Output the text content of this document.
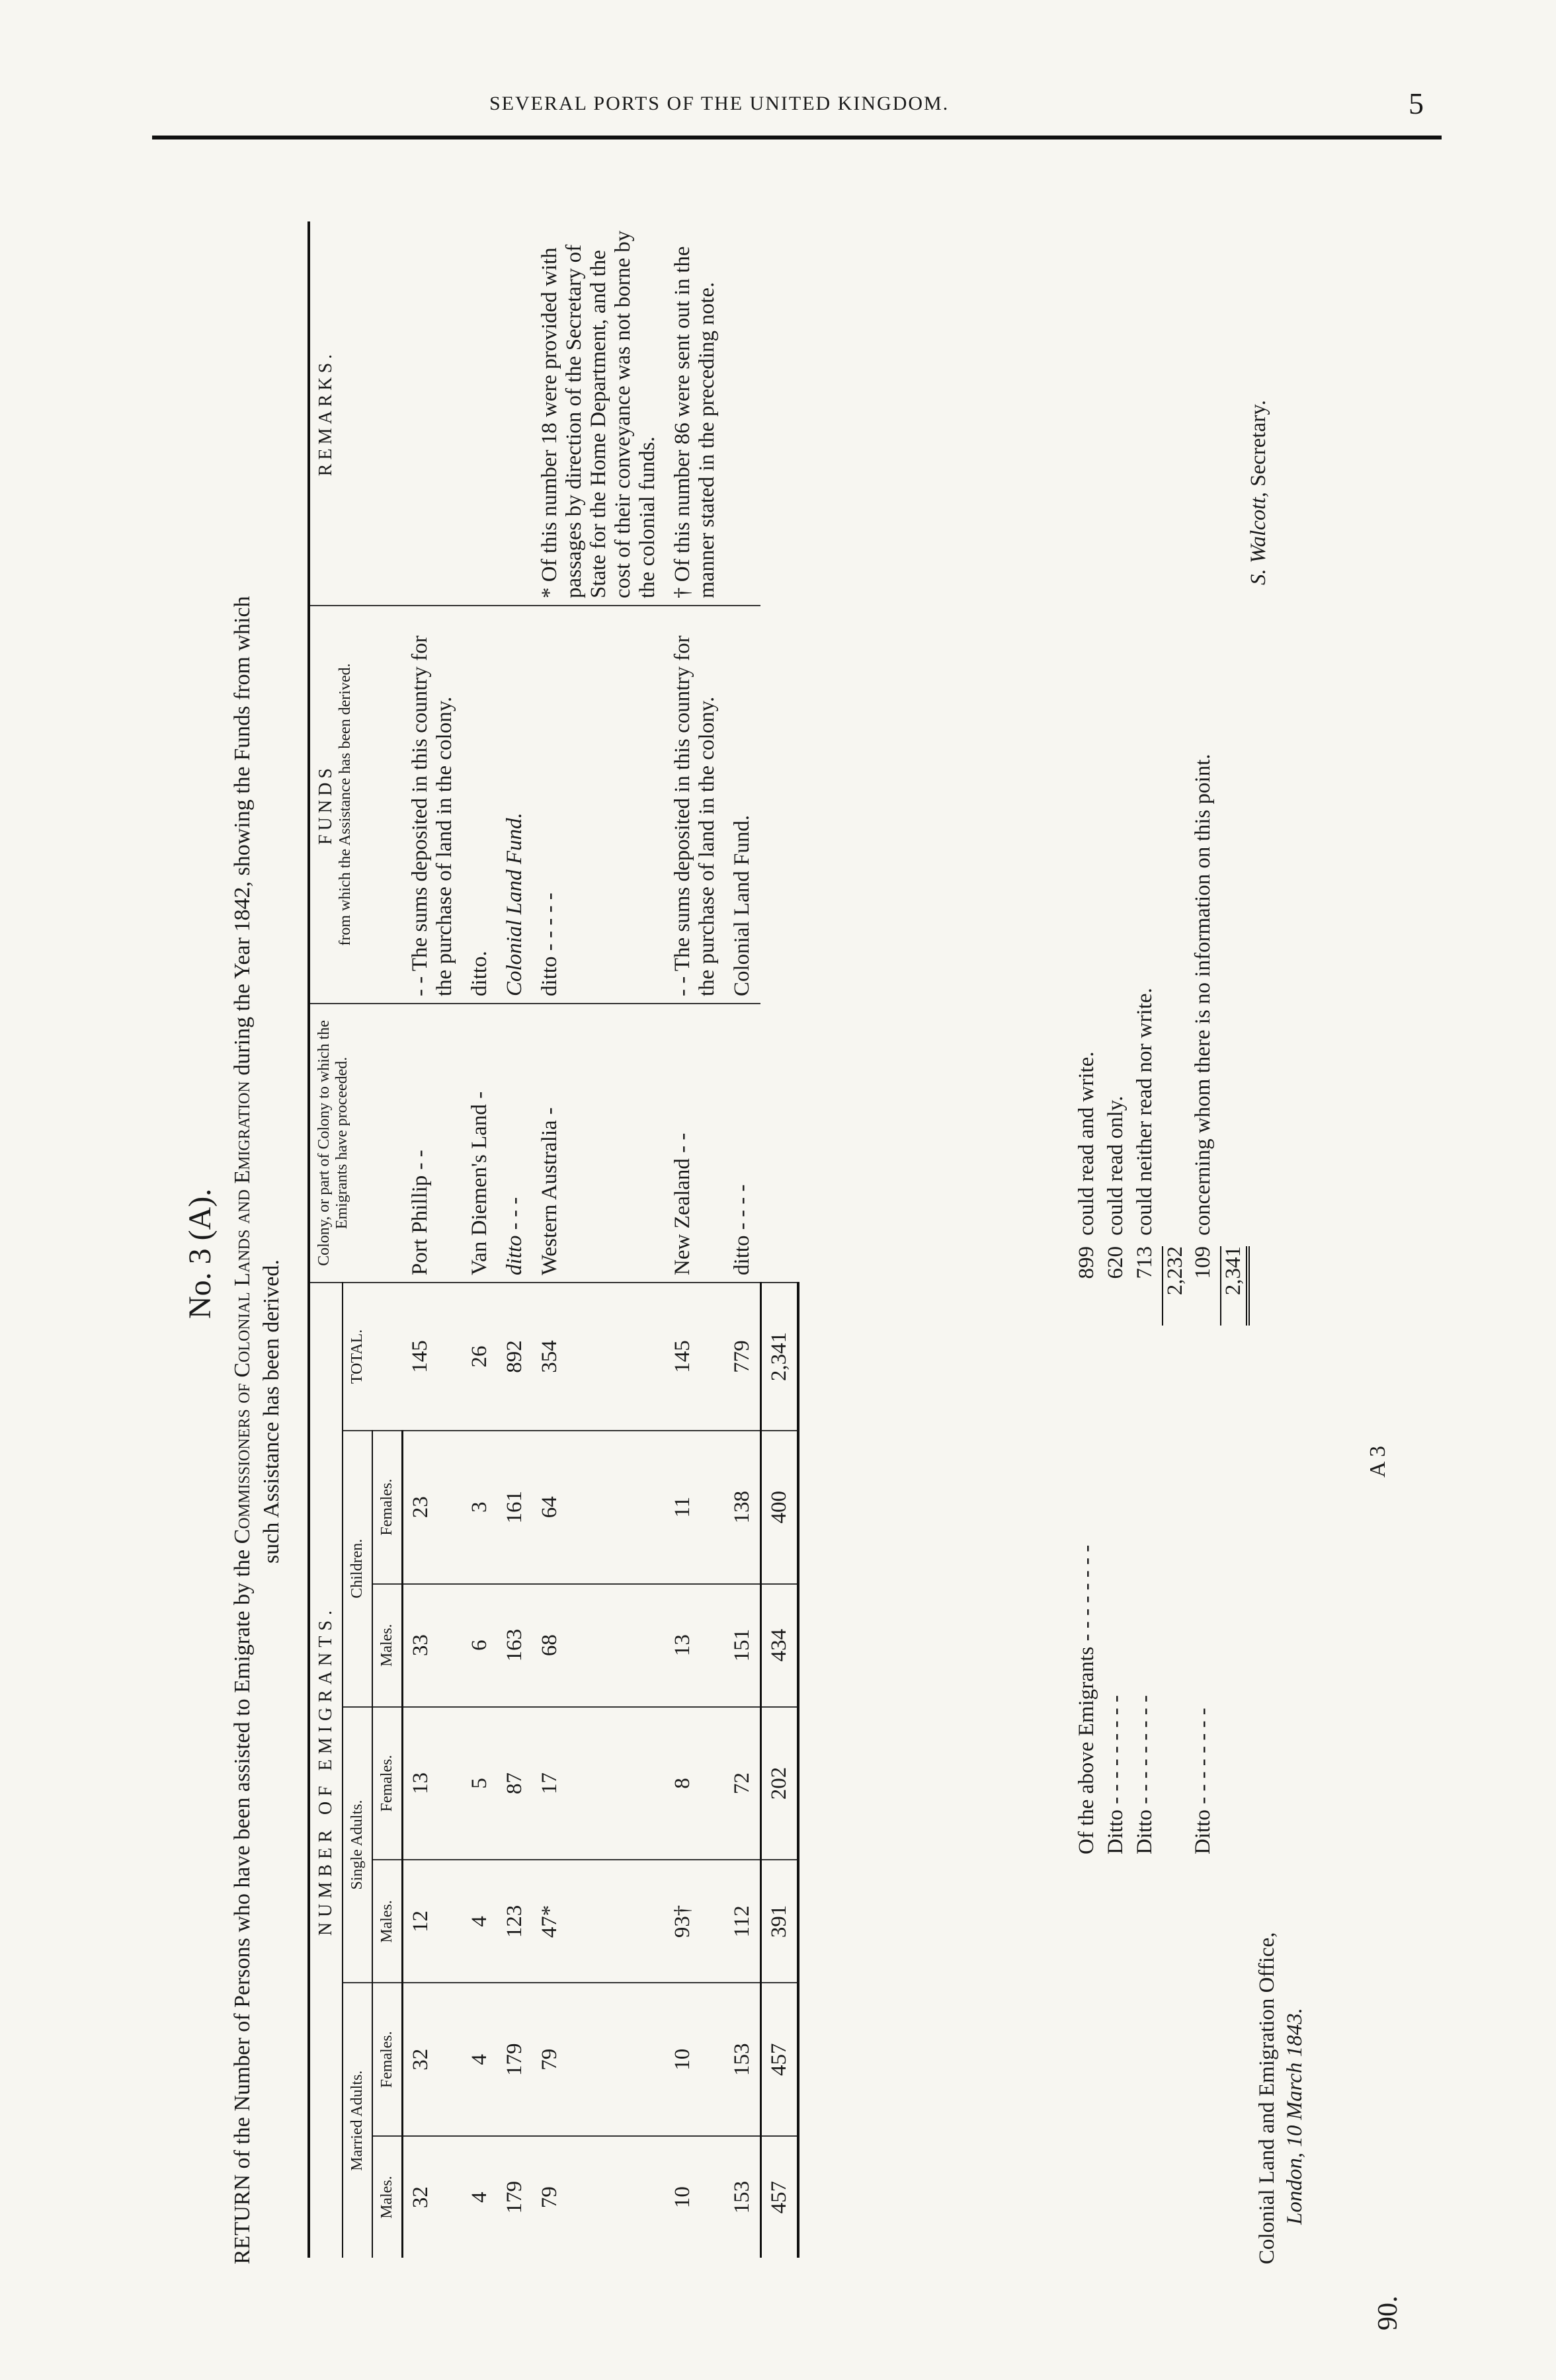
SEVERAL PORTS OF THE UNITED KINGDOM.	5
No. 3 (A).
RETURN of the Number of Persons who have been assisted to Emigrate by the Commissioners of Colonial Lands and Emigration during the Year 1842, showing the Funds from which
such Assistance has been derived.
NUMBER OF EMIGRANTS.							Colony, or part of Colony to which the Emigrants have proceeded.	FUNDS from which the Assistance has been derived.	REMARKS.
Married Adults.		Single Adults.		Children.		TOTAL.			
Males.	Females.	Males.	Females.	Males.	Females.				
32	32	12	13	33	23	145	Port Phillip - -	- - The sums deposited in this country for the purchase of land in the colony.	
4	4	4	5	6	3	26	Van Diemen's Land -	ditto.	
179	179	123	87	163	161	892	ditto - - -	Colonial Land Fund.	
79	79	47*	17	68	64	354	Western Australia -	ditto - - - - -	* Of this number 18 were provided with passages by direction of the Secretary of State for the Home Department, and the cost of their conveyance was not borne by the colonial funds.
10	10	93†	8	13	11	145	New Zealand - -	- - The sums deposited in this country for the purchase of land in the colony.	† Of this number 86 were sent out in the manner stated in the preceding note.
153	153	112	72	151	138	779	ditto - - - -	Colonial Land Fund.	
457	457	391	202	434	400	2,341			
Of the above Emigrants - - - - - - - -899could read and write.
Ditto - - - - - - - - -620could read only.
Ditto - - - - - - - - -713could neither read nor write.
2,232
Ditto - - - - - - - -109concerning whom there is no information on this point.
2,341
Colonial Land and Emigration Office, London, 10 March 1843.
S. Walcott, Secretary.
90.
A 3
